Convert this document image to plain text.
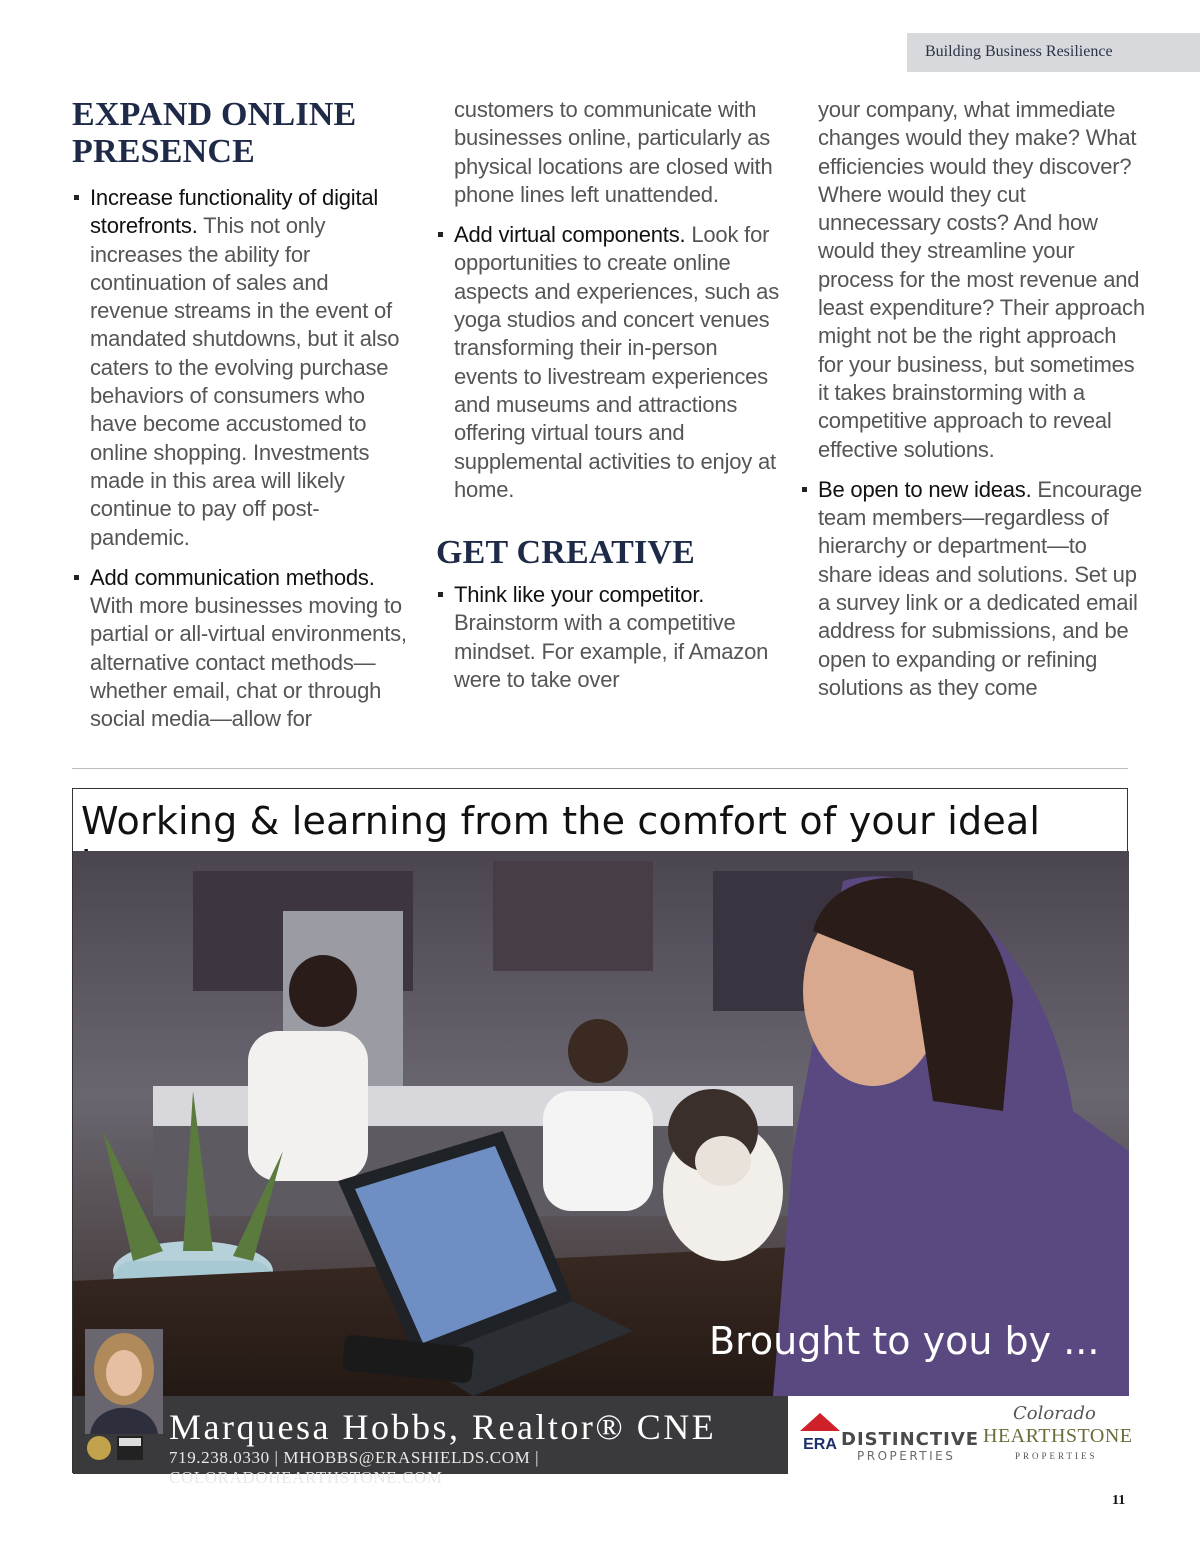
Building Business Resilience
EXPAND ONLINE PRESENCE

Increase functionality of digital storefronts. This not only increases the ability for continuation of sales and revenue streams in the event of mandated shutdowns, but it also caters to the evolving purchase behaviors of consumers who have become accustomed to online shopping. Investments made in this area will likely continue to pay off post-pandemic.

Add communication methods. With more businesses moving to partial or all-virtual environments, alternative contact methods—whether email, chat or through social media—allow for

customers to communicate with businesses online, particularly as physical locations are closed with phone lines left unattended.

Add virtual components. Look for opportunities to create online aspects and experiences, such as yoga studios and concert venues transforming their in-person events to livestream experiences and museums and attractions offering virtual tours and supplemental activities to enjoy at home.

GET CREATIVE

Think like your competitor. Brainstorm with a competitive mindset. For example, if Amazon were to take over

your company, what immediate changes would they make? What efficiencies would they discover? Where would they cut unnecessary costs? And how would they streamline your process for the most revenue and least expenditure? Their approach might not be the right approach for your business, but sometimes it takes brainstorming with a competitive approach to reveal effective solutions.

Be open to new ideas. Encourage team members—regardless of hierarchy or department—to share ideas and solutions. Set up a survey link or a dedicated email address for submissions, and be open to expanding or refining solutions as they come

Working & learning from the comfort of your ideal
Brought to you by ...
Marquesa Hobbs, Realtor® CNE
719.238.0330 | MHOBBS@ERASHIELDS.COM | COLORADOHEARTHSTONE.COM
ERA DISTINCTIVE
PROPERTIES
Colorado
HEARTHSTONE
PROPERTIES
11
